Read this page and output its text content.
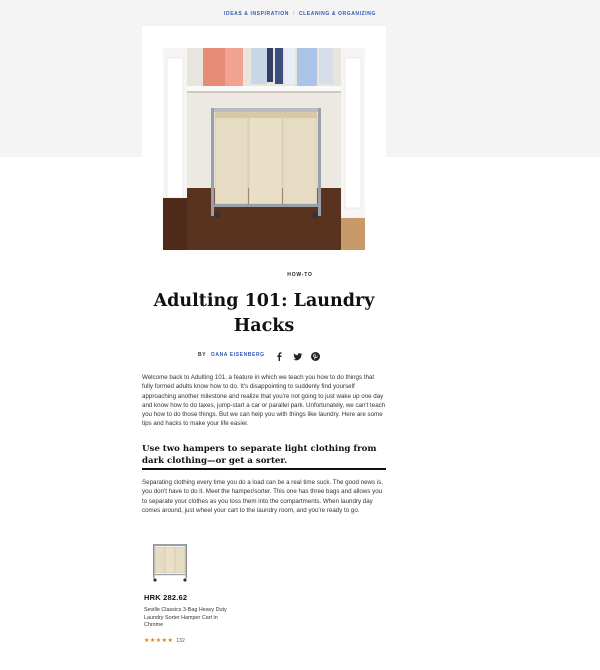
IDEAS & INSPIRATION / CLEANING & ORGANIZING
HOW-TO
Adulting 101: Laundry Hacks
BY DANA EISENBERG

Welcome back to Adulting 101, a feature in which we teach you how to do things that fully formed adults know how to do. It's disappointing to suddenly find yourself approaching another milestone and realize that you're not going to just wake up one day and know how to do taxes, jump-start a car or parallel park. Unfortunately, we can't teach you how to do those things. But we can help you with things like laundry. Here are some tips and hacks to make your life easier.

Use two hampers to separate light clothing from dark clothing—or get a sorter.

Separating clothing every time you do a load can be a real time suck. The good news is, you don't have to do it. Meet the hamper/sorter. This one has three bags and allows you to separate your clothes as you toss them into the compartments. When laundry day comes around, just wheel your cart to the laundry room, and you're ready to go.

HRK 282.62
Seville Classics 3-Bag Heavy Duty Laundry Sorter Hamper Cart in Chrome
★★★★★ 132
